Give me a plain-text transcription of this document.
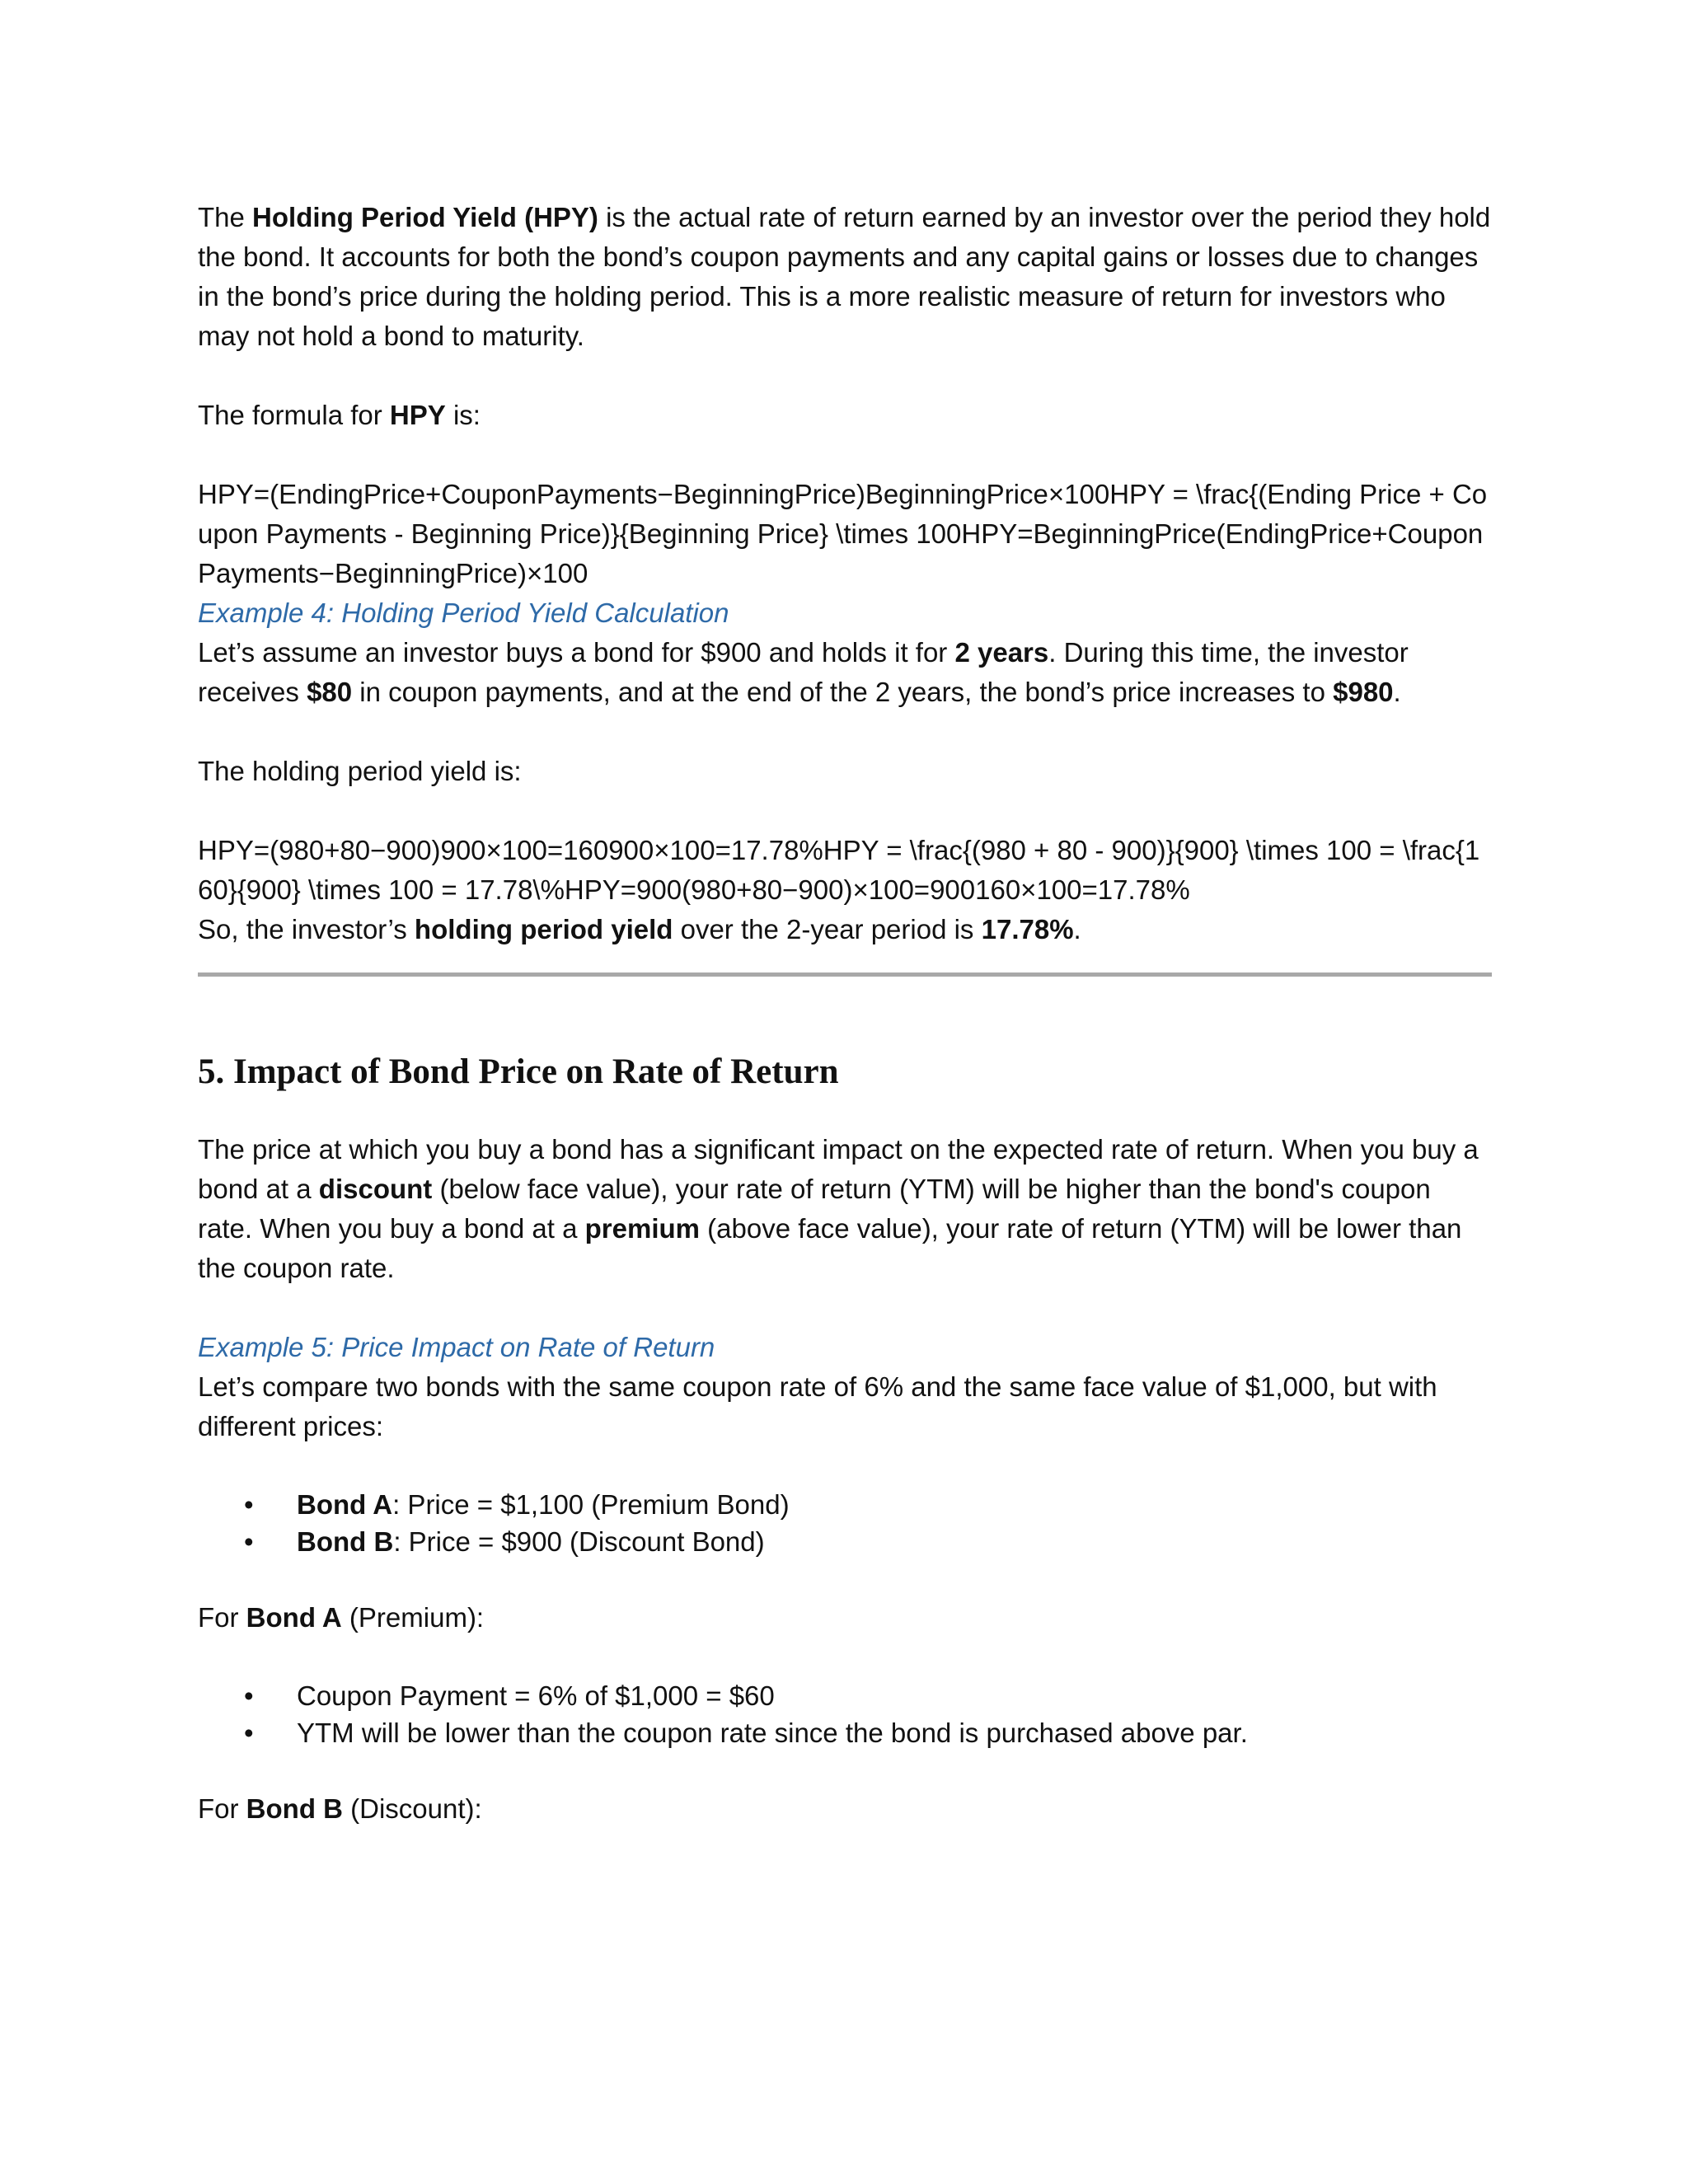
The Holding Period Yield (HPY) is the actual rate of return earned by an investor over the period they hold the bond. It accounts for both the bond’s coupon payments and any capital gains or losses due to changes in the bond’s price during the holding period. This is a more realistic measure of return for investors who may not hold a bond to maturity.

The formula for HPY is:

HPY=(EndingPrice+CouponPayments−BeginningPrice)BeginningPrice×100HPY = \frac{(Ending Price + Coupon Payments - Beginning Price)}{Beginning Price} \times 100HPY=BeginningPrice(EndingPrice+CouponPayments−BeginningPrice)×100

Example 4: Holding Period Yield Calculation

Let’s assume an investor buys a bond for $900 and holds it for 2 years. During this time, the investor receives $80 in coupon payments, and at the end of the 2 years, the bond’s price increases to $980.

The holding period yield is:

HPY=(980+80−900)900×100=160900×100=17.78%HPY = \frac{(980 + 80 - 900)}{900} \times 100 = \frac{160}{900} \times 100 = 17.78\%HPY=900(980+80−900)×100=900160×100=17.78%

So, the investor’s holding period yield over the 2-year period is 17.78%.

5. Impact of Bond Price on Rate of Return

The price at which you buy a bond has a significant impact on the expected rate of return. When you buy a bond at a discount (below face value), your rate of return (YTM) will be higher than the bond's coupon rate. When you buy a bond at a premium (above face value), your rate of return (YTM) will be lower than the coupon rate.

Example 5: Price Impact on Rate of Return

Let’s compare two bonds with the same coupon rate of 6% and the same face value of $1,000, but with different prices:

• Bond A: Price = $1,100 (Premium Bond)
• Bond B: Price = $900 (Discount Bond)

For Bond A (Premium):

• Coupon Payment = 6% of $1,000 = $60
• YTM will be lower than the coupon rate since the bond is purchased above par.

For Bond B (Discount):
